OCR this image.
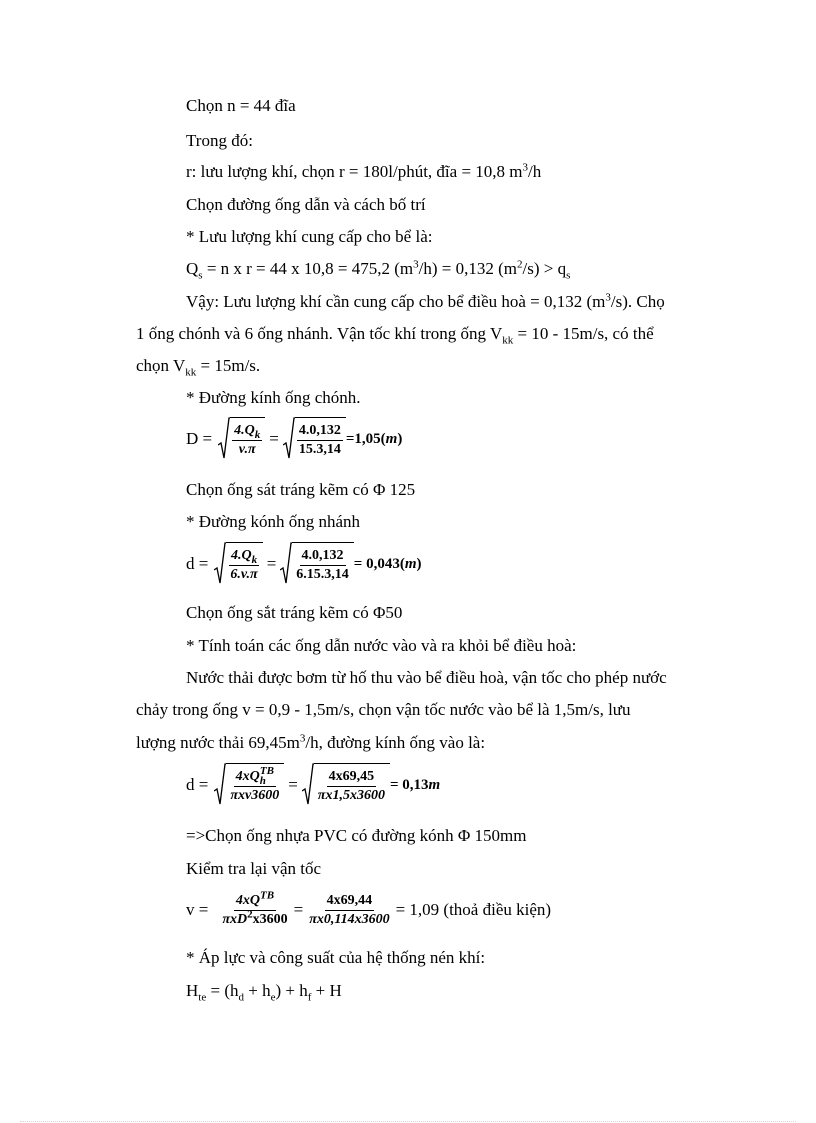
Chọn n = 44 đĩa
Trong đó:
r: lưu lượng khí, chọn r = 180l/phút, đĩa = 10,8 $m^3/h$
Chọn đường ống dẫn và cách bố trí
* Lưu lượng khí cung cấp cho bể là:
$Q_s = n$ x r = 44 x 10,8 = 475,2 $(m^3/h) = 0,132$ $(m^2/s) > q_s$
Vậy: Lưu lượng khí cần cung cấp cho bể điều hoà = 0,132 $(m^3/s)$. Chọ
1 ống chónh và 6 ống nhánh. Vận tốc khí trong ống $V_{kk} = 10 - 15m/s$, có thể
chọn $V_{kk} = 15m/s$.
* Đường kính ống chónh.
$D = \frac{4.Q_k}{v.\pi} = \frac{4.0,132}{15.3,14} =1,05$( m )
Chọn ống sát tráng kẽm có Φ 125
* Đường kónh ống nhánh
$d = \frac{4.Q_k}{6.v.\pi} = \frac{4.0,132}{6.15.3,14} = 0,043$( m )
Chọn ống sắt tráng kẽm có Φ50
* Tính toán các ống dẫn nước vào và ra khỏi bể điều hoà:
Nước thải được bơm từ hố thu vào bể điều hoà, vận tốc cho phép nước
chảy trong ống v = 0,9 - 1,5m/s, chọn vận tốc nước vào bể là 1,5m/s, lưu
lượng nước thải $69,45m^3/h$, đường kính ống vào là:
$d = \frac{4xQ_h^{TB}}{\text{πxv3600}} = \frac{4x69,45}{\pi x1,5x3600} = 0,13$ m
=>Chọn ống nhựa PVC có đường kónh Φ 150mm
Kiểm tra lại vận tốc
$v = \frac{4xQ^{TB}}{\pi xD^2x3600} = \frac{4x69,44}{\pi x0,114x3600} = 1,09$ (thoả điều kiện)
* Áp lực và công suất của hệ thống nén khí:
$H_{te} = (h_d + h_e) + h_f + H$
